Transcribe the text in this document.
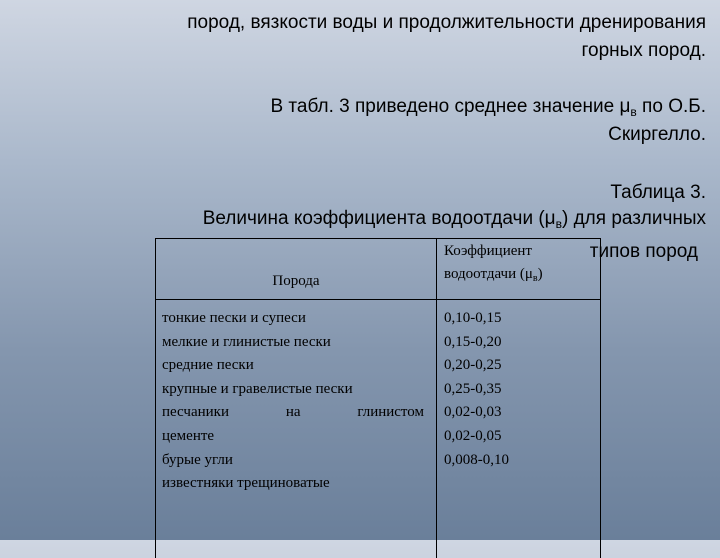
пород, вязкости воды и продолжительности дренирования
горных пород.
В табл. 3 приведено среднее значение $\mu_в$ по О.Б.
Скиргелло.
Таблица 3.
Величина коэффициента водоотдачи $(\mu_в)$ для различных
Порода
Коэффициент
водоотдачи $(\mu_в)$
тонкие пески и супеси
мелкие и глинистые пески
средние пески
крупные и гравелистые пески
песчаники	на	глинистом
цементе
бурые угли
известняки трещиноватые
0,10-0,15
0,15-0,20
0,20-0,25
0,25-0,35
0,02-0,03
0,02-0,05
0,008-0,10
типов пород
